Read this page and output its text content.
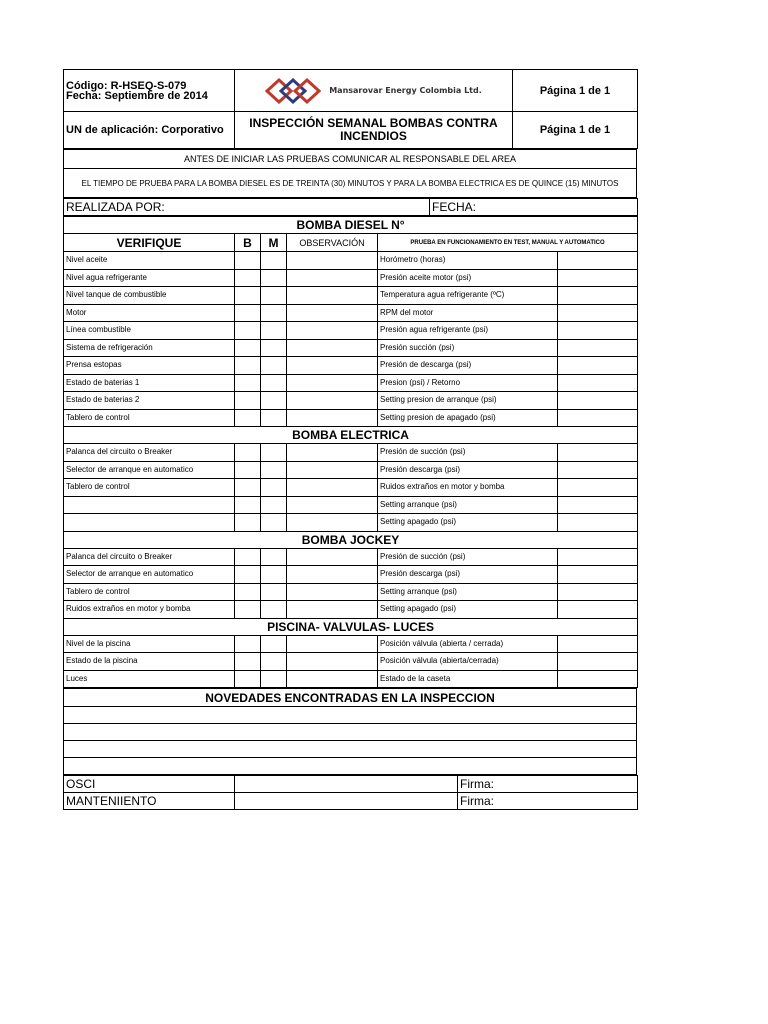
Código: R-HSEQ-S-079
Fecha: Septiembre de 2014	Mansarovar Energy Colombia Ltd.	Página 1 de 1
UN de aplicación: Corporativo	INSPECCIÓN SEMANAL BOMBAS CONTRA INCENDIOS	Página 1 de 1
ANTES DE INICIAR LAS PRUEBAS COMUNICAR AL RESPONSABLE DEL AREA
EL TIEMPO DE PRUEBA PARA LA BOMBA DIESEL ES DE TREINTA (30) MINUTOS Y PARA LA BOMBA ELECTRICA ES DE QUINCE (15) MINUTOS
REALIZADA POR:	FECHA:
BOMBA DIESEL N°					
VERIFIQUE	B	M	OBSERVACIÓN	PRUEBA EN FUNCIONAMIENTO EN TEST, MANUAL Y AUTOMATICO	
Nivel aceite				Horómetro (horas)	
Nivel agua refrigerante				Presión aceite motor (psi)	
Nivel tanque de combustible				Temperatura agua refrigerante (ºC)	
Motor				RPM del motor	
Línea combustible				Presión agua refrigerante (psi)	
Sistema de refrigeración				Presión succión (psi)	
Prensa estopas				Presión de descarga (psi)	
Estado de baterias 1				Presion (psi) / Retorno	
Estado de baterias 2				Setting presion de arranque (psi)	
Tablero de control				Setting presion de apagado (psi)	
BOMBA ELECTRICA					
Palanca del circuito o Breaker				Presión de succión (psi)	
Selector de arranque en automatico				Presión descarga (psi)	
Tablero de control				Ruidos extraños en motor y bomba	
				Setting arranque (psi)	
				Setting apagado (psi)	
BOMBA JOCKEY					
Palanca del circuito o Breaker				Presión de succión (psi)	
Selector de arranque en automatico				Presión descarga (psi)	
Tablero de control				Setting arranque (psi)	
Ruidos extraños en motor y bomba				Setting apagado (psi)	
PISCINA- VALVULAS- LUCES					
Nivel de la piscina				Posición válvula (abierta / cerrada)	
Estado de la piscina				Posición válvula (abierta/cerrada)	
Luces				Estado de la caseta	
NOVEDADES ENCONTRADAS EN LA INSPECCION

OSCI		Firma:
MANTENIIENTO		Firma:
